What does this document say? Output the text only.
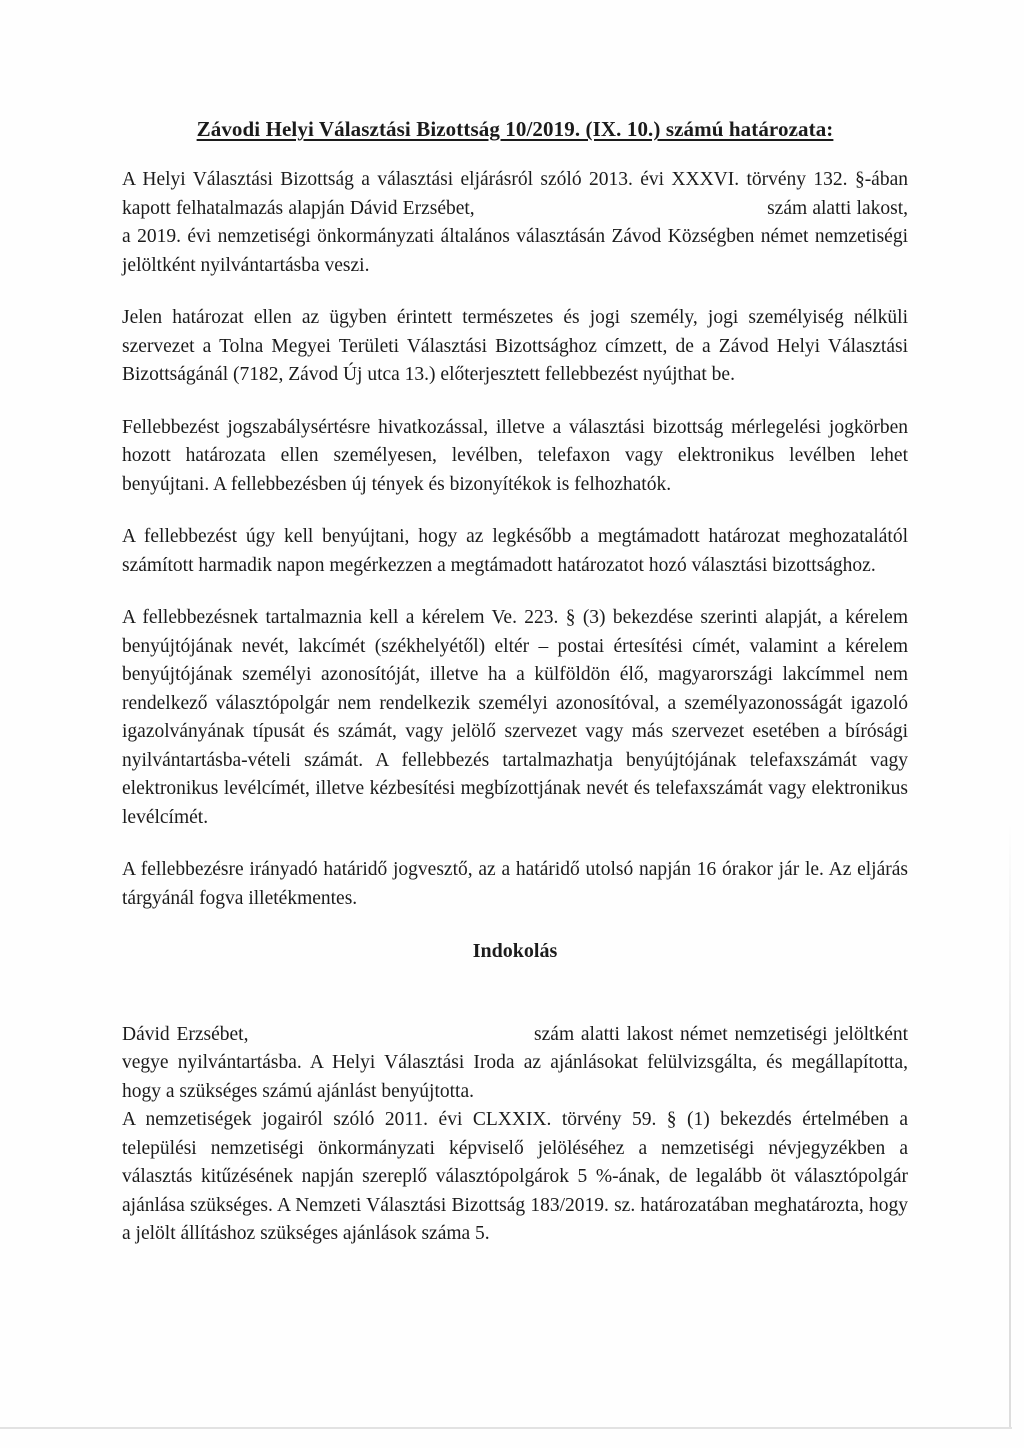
Závodi Helyi Választási Bizottság 10/2019. (IX. 10.) számú határozata:

A Helyi Választási Bizottság a választási eljárásról szóló 2013. évi XXXVI. törvény 132. §-ában kapott felhatalmazás alapján Dávid Erzsébet,	szám alatti lakost, a 2019. évi nemzetiségi önkormányzati általános választásán Závod Községben német nemzetiségi jelöltként nyilvántartásba veszi.

Jelen határozat ellen az ügyben érintett természetes és jogi személy, jogi személyiség nélküli szervezet a Tolna Megyei Területi Választási Bizottsághoz címzett, de a Závod Helyi Választási Bizottságánál (7182, Závod Új utca 13.) előterjesztett fellebbezést nyújthat be.

Fellebbezést jogszabálysértésre hivatkozással, illetve a választási bizottság mérlegelési jogkörben hozott határozata ellen személyesen, levélben, telefaxon vagy elektronikus levélben lehet benyújtani. A fellebbezésben új tények és bizonyítékok is felhozhatók.

A fellebbezést úgy kell benyújtani, hogy az legkésőbb a megtámadott határozat meghozatalától számított harmadik napon megérkezzen a megtámadott határozatot hozó választási bizottsághoz.

A fellebbezésnek tartalmaznia kell a kérelem Ve. 223. § (3) bekezdése szerinti alapját, a kérelem benyújtójának nevét, lakcímét (székhelyétől) eltér – postai értesítési címét, valamint a kérelem benyújtójának személyi azonosítóját, illetve ha a külföldön élő, magyarországi lakcímmel nem rendelkező választópolgár nem rendelkezik személyi azonosítóval, a személyazonosságát igazoló igazolványának típusát és számát, vagy jelölő szervezet vagy más szervezet esetében a bírósági nyilvántartásba-vételi számát. A fellebbezés tartalmazhatja benyújtójának telefaxszámát vagy elektronikus levélcímét, illetve kézbesítési megbízottjának nevét és telefaxszámát vagy elektronikus levélcímét.

A fellebbezésre irányadó határidő jogvesztő, az a határidő utolsó napján 16 órakor jár le. Az eljárás tárgyánál fogva illetékmentes.

Indokolás

Dávid Erzsébet,	szám alatti lakost német nemzetiségi jelöltként vegye nyilvántartásba. A Helyi Választási Iroda az ajánlásokat felülvizsgálta, és megállapította, hogy a szükséges számú ajánlást benyújtotta.

A nemzetiségek jogairól szóló 2011. évi CLXXIX. törvény 59. § (1) bekezdés értelmében a települési nemzetiségi önkormányzati képviselő jelöléséhez a nemzetiségi névjegyzékben a választás kitűzésének napján szereplő választópolgárok 5 %-ának, de legalább öt választópolgár ajánlása szükséges. A Nemzeti Választási Bizottság 183/2019. sz. határozatában meghatározta, hogy a jelölt állításhoz szükséges ajánlások száma 5.
